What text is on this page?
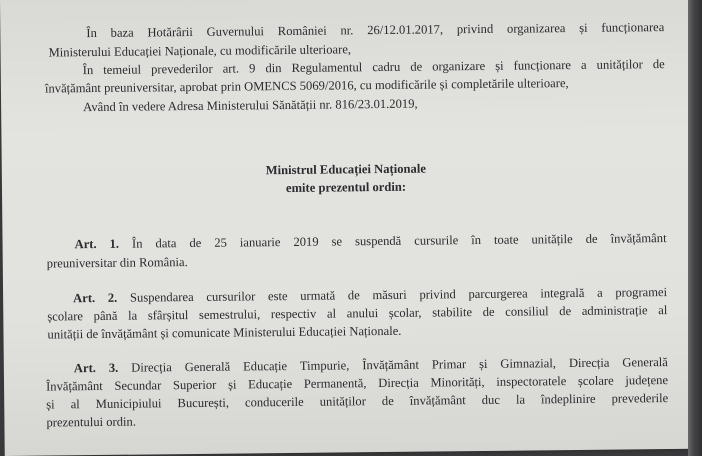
În baza Hotărârii Guvernului României nr. 26/12.01.2017, privind organizarea și funcționarea
Ministerului Educației Naționale, cu modificările ulterioare,
În temeiul prevederilor art. 9 din Regulamentul cadru de organizare și funcționare a unităților de
învățământ preuniversitar, aprobat prin OMENCS 5069/2016, cu modificările și completările ulterioare,
Având în vedere Adresa Ministerului Sănătății nr. 816/23.01.2019,
Ministrul Educației Naționale
emite prezentul ordin:
Art. 1. În data de 25 ianuarie 2019 se suspendă cursurile în toate unitățile de învățământ
preuniversitar din România.
Art. 2. Suspendarea cursurilor este urmată de măsuri privind parcurgerea integrală a programei
școlare până la sfârșitul semestrului, respectiv al anului școlar, stabilite de consiliul de administrație al
unității de învățământ și comunicate Ministerului Educației Naționale.
Art. 3. Direcția Generală Educație Timpurie, Învățământ Primar și Gimnazial, Direcția Generală
Învățământ Secundar Superior și Educație Permanentă, Direcția Minorități, inspectoratele școlare județene
și al Municipiului București, conducerile unităților de învățământ duc la îndeplinire prevederile
prezentului ordin.
